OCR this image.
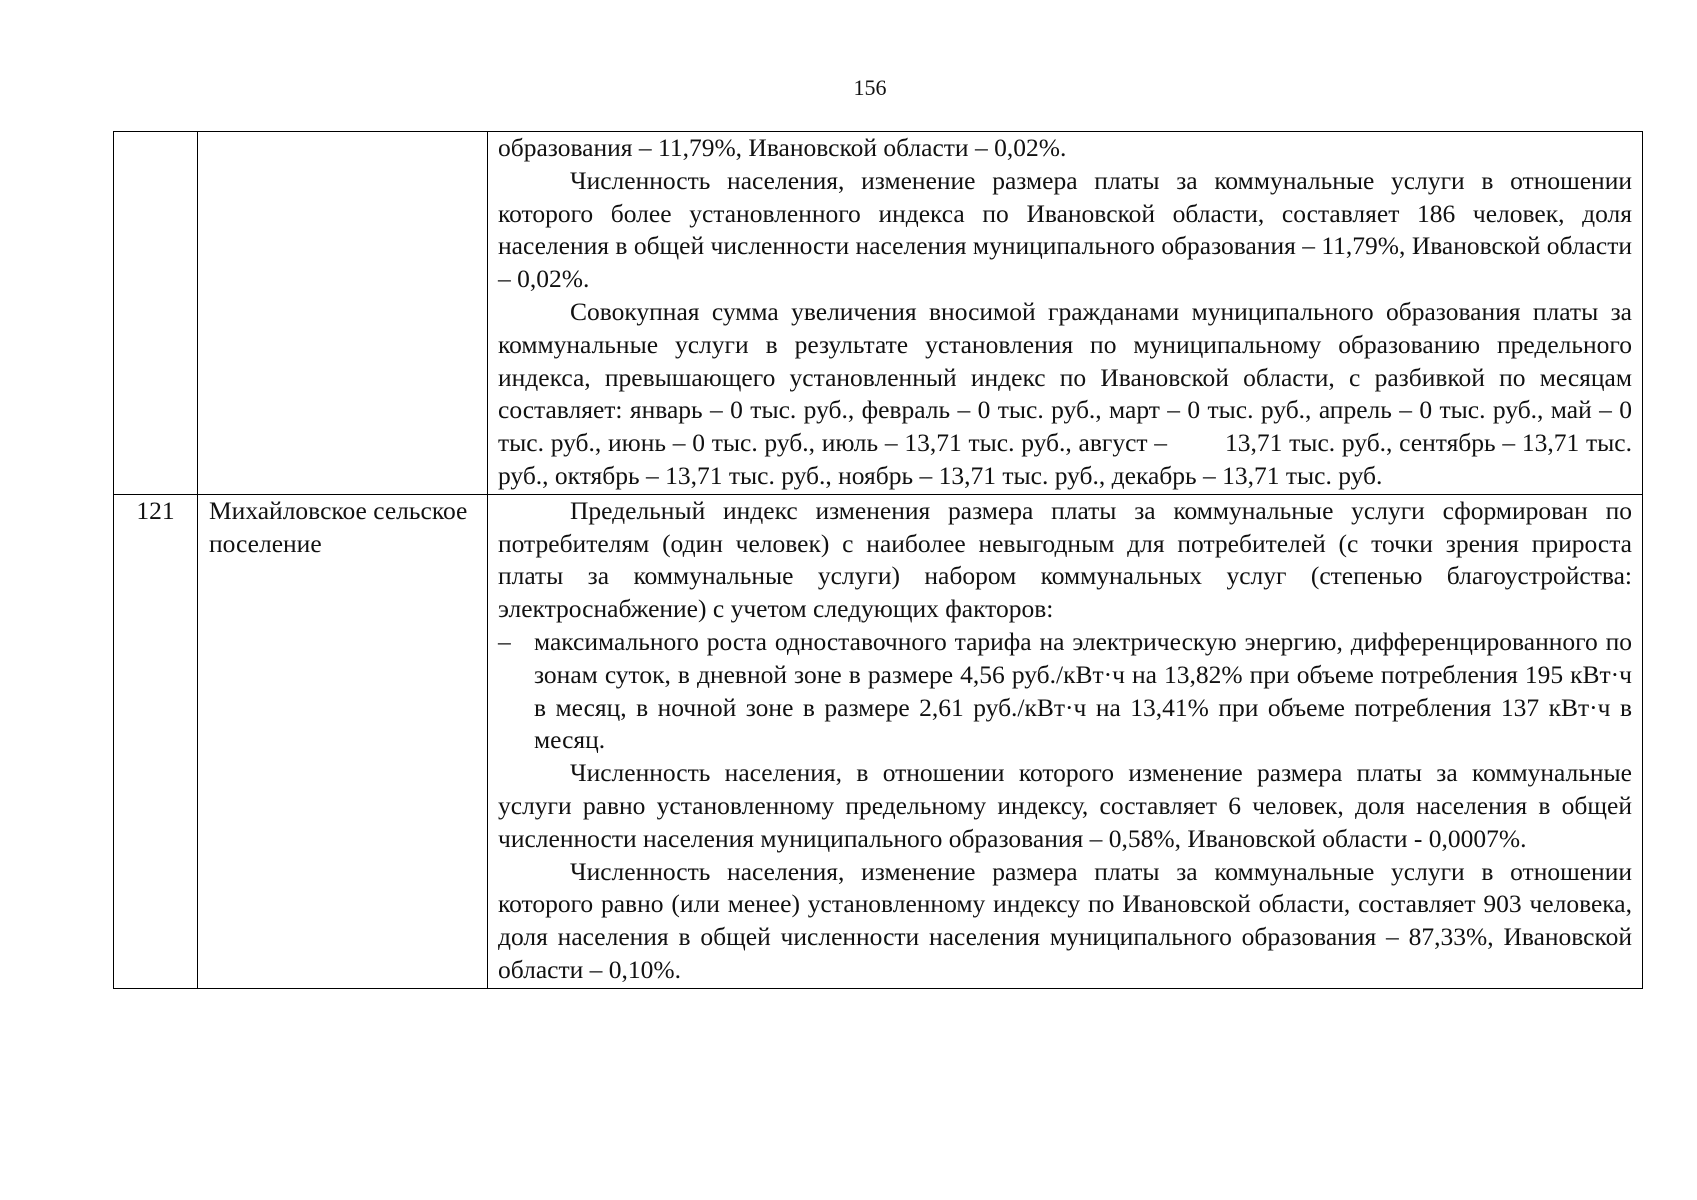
156

		образования – 11,79%, Ивановской области – 0,02%.

Численность населения, изменение размера платы за коммунальные услуги в отношении которого более установленного индекса по Ивановской области, составляет 186 человек, доля населения в общей численности населения муниципального образования – 11,79%, Ивановской области – 0,02%.

Совокупная сумма увеличения вносимой гражданами муниципального образования платы за коммунальные услуги в результате установления по муниципальному образованию предельного индекса, превышающего установленный индекс по Ивановской области, с разбивкой по месяцам составляет: январь – 0 тыс. руб., февраль – 0 тыс. руб., март – 0 тыс. руб., апрель – 0 тыс. руб., май – 0 тыс. руб., июнь – 0 тыс. руб., июль – 13,71 тыс. руб., август – 13,71 тыс. руб., сентябрь – 13,71 тыс. руб., октябрь – 13,71 тыс. руб., ноябрь – 13,71 тыс. руб., декабрь – 13,71 тыс. руб.

121	Михайловское сельское поселение	Предельный индекс изменения размера платы за коммунальные услуги сформирован по потребителям (один человек) с наиболее невыгодным для потребителей (с точки зрения прироста платы за коммунальные услуги) набором коммунальных услуг (степенью благоустройства: электроснабжение) с учетом следующих факторов:

– максимального роста одноставочного тарифа на электрическую энергию, дифференцированного по зонам суток, в дневной зоне в размере 4,56 руб./кВт·ч на 13,82% при объеме потребления 195 кВт·ч в месяц, в ночной зоне в размере 2,61 руб./кВт·ч на 13,41% при объеме потребления 137 кВт·ч в месяц.

Численность населения, в отношении которого изменение размера платы за коммунальные услуги равно установленному предельному индексу, составляет 6 человек, доля населения в общей численности населения муниципального образования – 0,58%, Ивановской области - 0,0007%.

Численность населения, изменение размера платы за коммунальные услуги в отношении которого равно (или менее) установленному индексу по Ивановской области, составляет 903 человека, доля населения в общей численности населения муниципального образования – 87,33%, Ивановской области – 0,10%.
